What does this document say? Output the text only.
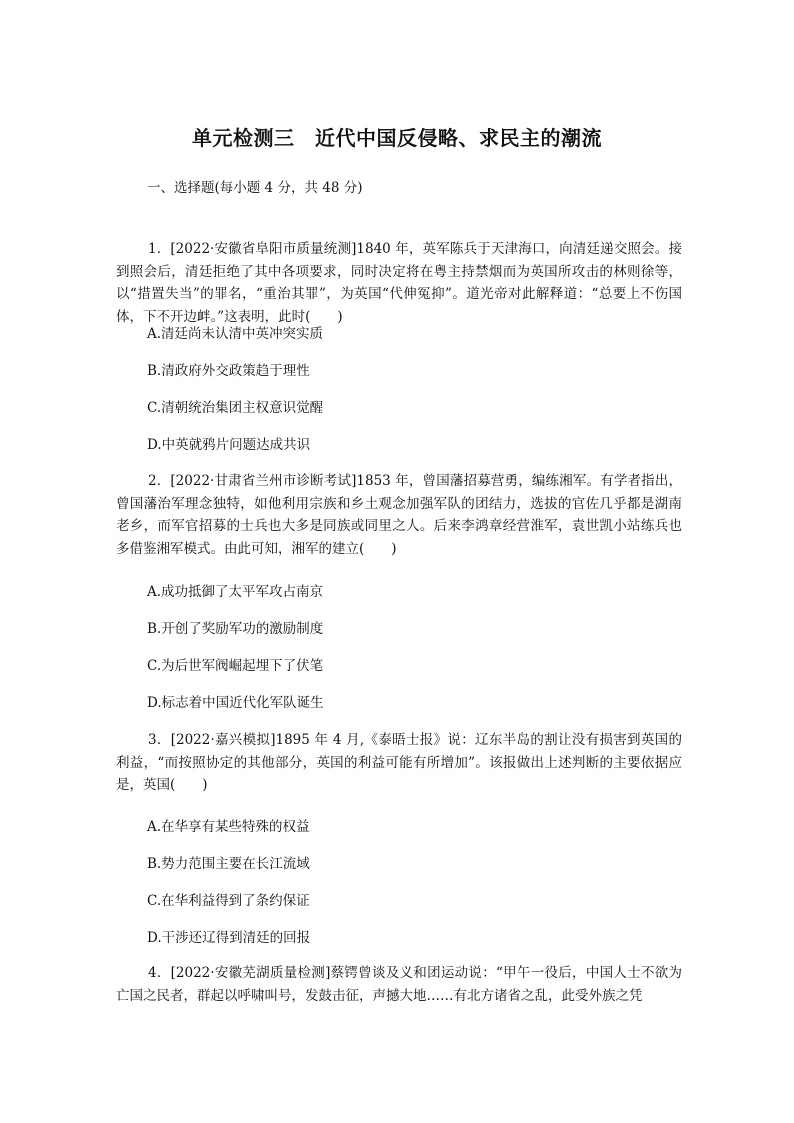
单元检测三　近代中国反侵略、求民主的潮流
一、选择题(每小题 4 分，共 48 分)

1．[2022·安徽省阜阳市质量统测]1840 年，英军陈兵于天津海口，向清廷递交照会。接到照会后，清廷拒绝了其中各项要求，同时决定将在粤主持禁烟而为英国所攻击的林则徐等，以“措置失当”的罪名，“重治其罪”，为英国“代伸冤抑”。道光帝对此解释道：“总要上不伤国体，下不开边衅。”这表明，此时(　　)

A.清廷尚未认清中英冲突实质
B.清政府外交政策趋于理性
C.清朝统治集团主权意识觉醒
D.中英就鸦片问题达成共识

2．[2022·甘肃省兰州市诊断考试]1853 年，曾国藩招募营勇，编练湘军。有学者指出，曾国藩治军理念独特，如他利用宗族和乡土观念加强军队的团结力，选拔的官佐几乎都是湖南老乡，而军官招募的士兵也大多是同族或同里之人。后来李鸿章经营淮军，袁世凯小站练兵也多借鉴湘军模式。由此可知，湘军的建立(　　)

A.成功抵御了太平军攻占南京
B.开创了奖励军功的激励制度
C.为后世军阀崛起埋下了伏笔
D.标志着中国近代化军队诞生

3．[2022·嘉兴模拟]1895 年 4 月,《泰晤士报》说：辽东半岛的割让没有损害到英国的利益，“而按照协定的其他部分，英国的利益可能有所增加”。该报做出上述判断的主要依据应是，英国(　　)

A.在华享有某些特殊的权益
B.势力范围主要在长江流域
C.在华利益得到了条约保证
D.干涉还辽得到清廷的回报

4．[2022·安徽芜湖质量检测]蔡锷曾谈及义和团运动说：“甲午一役后，中国人士不欲为亡国之民者，群起以呼啸叫号，发鼓击征，声撼大地……有北方诸省之乱，此受外族之凭
